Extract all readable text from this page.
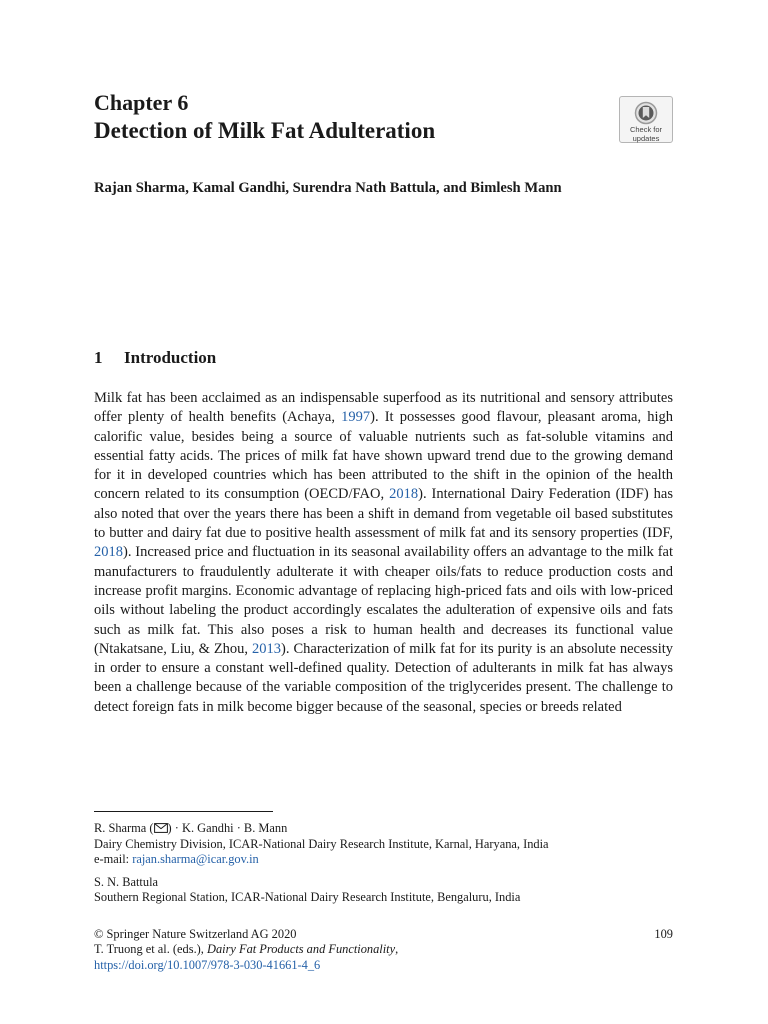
Chapter 6
Detection of Milk Fat Adulteration	Check for
updates
Rajan Sharma, Kamal Gandhi, Surendra Nath Battula, and Bimlesh Mann
1 Introduction

Milk fat has been acclaimed as an indispensable superfood as its nutritional and sensory attributes offer plenty of health benefits (Achaya, 1997). It possesses good flavour, pleasant aroma, high calorific value, besides being a source of valuable nutrients such as fat-soluble vitamins and essential fatty acids. The prices of milk fat have shown upward trend due to the growing demand for it in developed countries which has been attributed to the shift in the opinion of the health concern related to its consumption (OECD/FAO, 2018). International Dairy Federation (IDF) has also noted that over the years there has been a shift in demand from vegetable oil based substitutes to butter and dairy fat due to positive health assessment of milk fat and its sensory properties (IDF, 2018). Increased price and fluctuation in its seasonal availability offers an advantage to the milk fat manufacturers to fraudulently adulterate it with cheaper oils/fats to reduce production costs and increase profit margins. Economic advantage of replacing high-priced fats and oils with low-priced oils without labeling the product accordingly escalates the adulteration of expensive oils and fats such as milk fat. This also poses a risk to human health and decreases its functional value (Ntakatsane, Liu, & Zhou, 2013). Characterization of milk fat for its purity is an absolute necessity in order to ensure a constant well-defined quality. Detection of adulterants in milk fat has always been a challenge because of the variable composition of the triglycerides present. The challenge to detect foreign fats in milk become bigger because of the seasonal, species or breeds related

R. Sharma ( ) · K. Gandhi · B. Mann
Dairy Chemistry Division, ICAR-National Dairy Research Institute, Karnal, Haryana, India
e-mail: rajan.sharma@icar.gov.in
S. N. Battula
Southern Regional Station, ICAR-National Dairy Research Institute, Bengaluru, India
© Springer Nature Switzerland AG 2020	109
T. Truong et al. (eds.), Dairy Fat Products and Functionality,
https://doi.org/10.1007/978-3-030-41661-4_6
